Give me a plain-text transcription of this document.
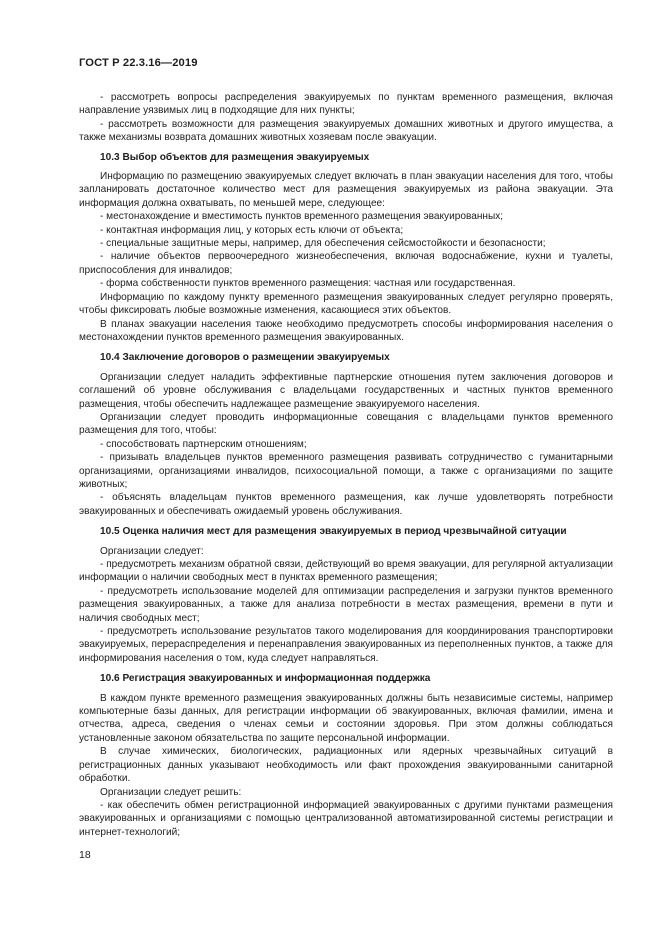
ГОСТ Р 22.3.16—2019

- рассмотреть вопросы распределения эвакуируемых по пунктам временного размещения, включая направление уязвимых лиц в подходящие для них пункты;

- рассмотреть возможности для размещения эвакуируемых домашних животных и другого имущества, а также механизмы возврата домашних животных хозяевам после эвакуации.

10.3 Выбор объектов для размещения эвакуируемых

Информацию по размещению эвакуируемых следует включать в план эвакуации населения для того, чтобы запланировать достаточное количество мест для размещения эвакуируемых из района эвакуации. Эта информация должна охватывать, по меньшей мере, следующее:

- местонахождение и вместимость пунктов временного размещения эвакуированных;

- контактная информация лиц, у которых есть ключи от объекта;

- специальные защитные меры, например, для обеспечения сейсмостойкости и безопасности;

- наличие объектов первоочередного жизнеобеспечения, включая водоснабжение, кухни и туалеты, приспособления для инвалидов;

- форма собственности пунктов временного размещения: частная или государственная.

Информацию по каждому пункту временного размещения эвакуированных следует регулярно проверять, чтобы фиксировать любые возможные изменения, касающиеся этих объектов.

В планах эвакуации населения также необходимо предусмотреть способы информирования населения о местонахождении пунктов временного размещения эвакуированных.

10.4 Заключение договоров о размещении эвакуируемых

Организации следует наладить эффективные партнерские отношения путем заключения договоров и соглашений об уровне обслуживания с владельцами государственных и частных пунктов временного размещения, чтобы обеспечить надлежащее размещение эвакуируемого населения.

Организации следует проводить информационные совещания с владельцами пунктов временного размещения для того, чтобы:

- способствовать партнерским отношениям;

- призывать владельцев пунктов временного размещения развивать сотрудничество с гуманитарными организациями, организациями инвалидов, психосоциальной помощи, а также с организациями по защите животных;

- объяснять владельцам пунктов временного размещения, как лучше удовлетворять потребности эвакуированных и обеспечивать ожидаемый уровень обслуживания.

10.5 Оценка наличия мест для размещения эвакуируемых в период чрезвычайной ситуации

Организации следует:

- предусмотреть механизм обратной связи, действующий во время эвакуации, для регулярной актуализации информации о наличии свободных мест в пунктах временного размещения;

- предусмотреть использование моделей для оптимизации распределения и загрузки пунктов временного размещения эвакуированных, а также для анализа потребности в местах размещения, времени в пути и наличия свободных мест;

- предусмотреть использование результатов такого моделирования для координирования транспортировки эвакуируемых, перераспределения и перенаправления эвакуированных из переполненных пунктов, а также для информирования населения о том, куда следует направляться.

10.6 Регистрация эвакуированных и информационная поддержка

В каждом пункте временного размещения эвакуированных должны быть независимые системы, например компьютерные базы данных, для регистрации информации об эвакуированных, включая фамилии, имена и отчества, адреса, сведения о членах семьи и состоянии здоровья. При этом должны соблюдаться установленные законом обязательства по защите персональной информации.

В случае химических, биологических, радиационных или ядерных чрезвычайных ситуаций в регистрационных данных указывают необходимость или факт прохождения эвакуированными санитарной обработки.

Организации следует решить:

- как обеспечить обмен регистрационной информацией эвакуированных с другими пунктами размещения эвакуированных и организациями с помощью централизованной автоматизированной системы регистрации и интернет-технологий;

18
